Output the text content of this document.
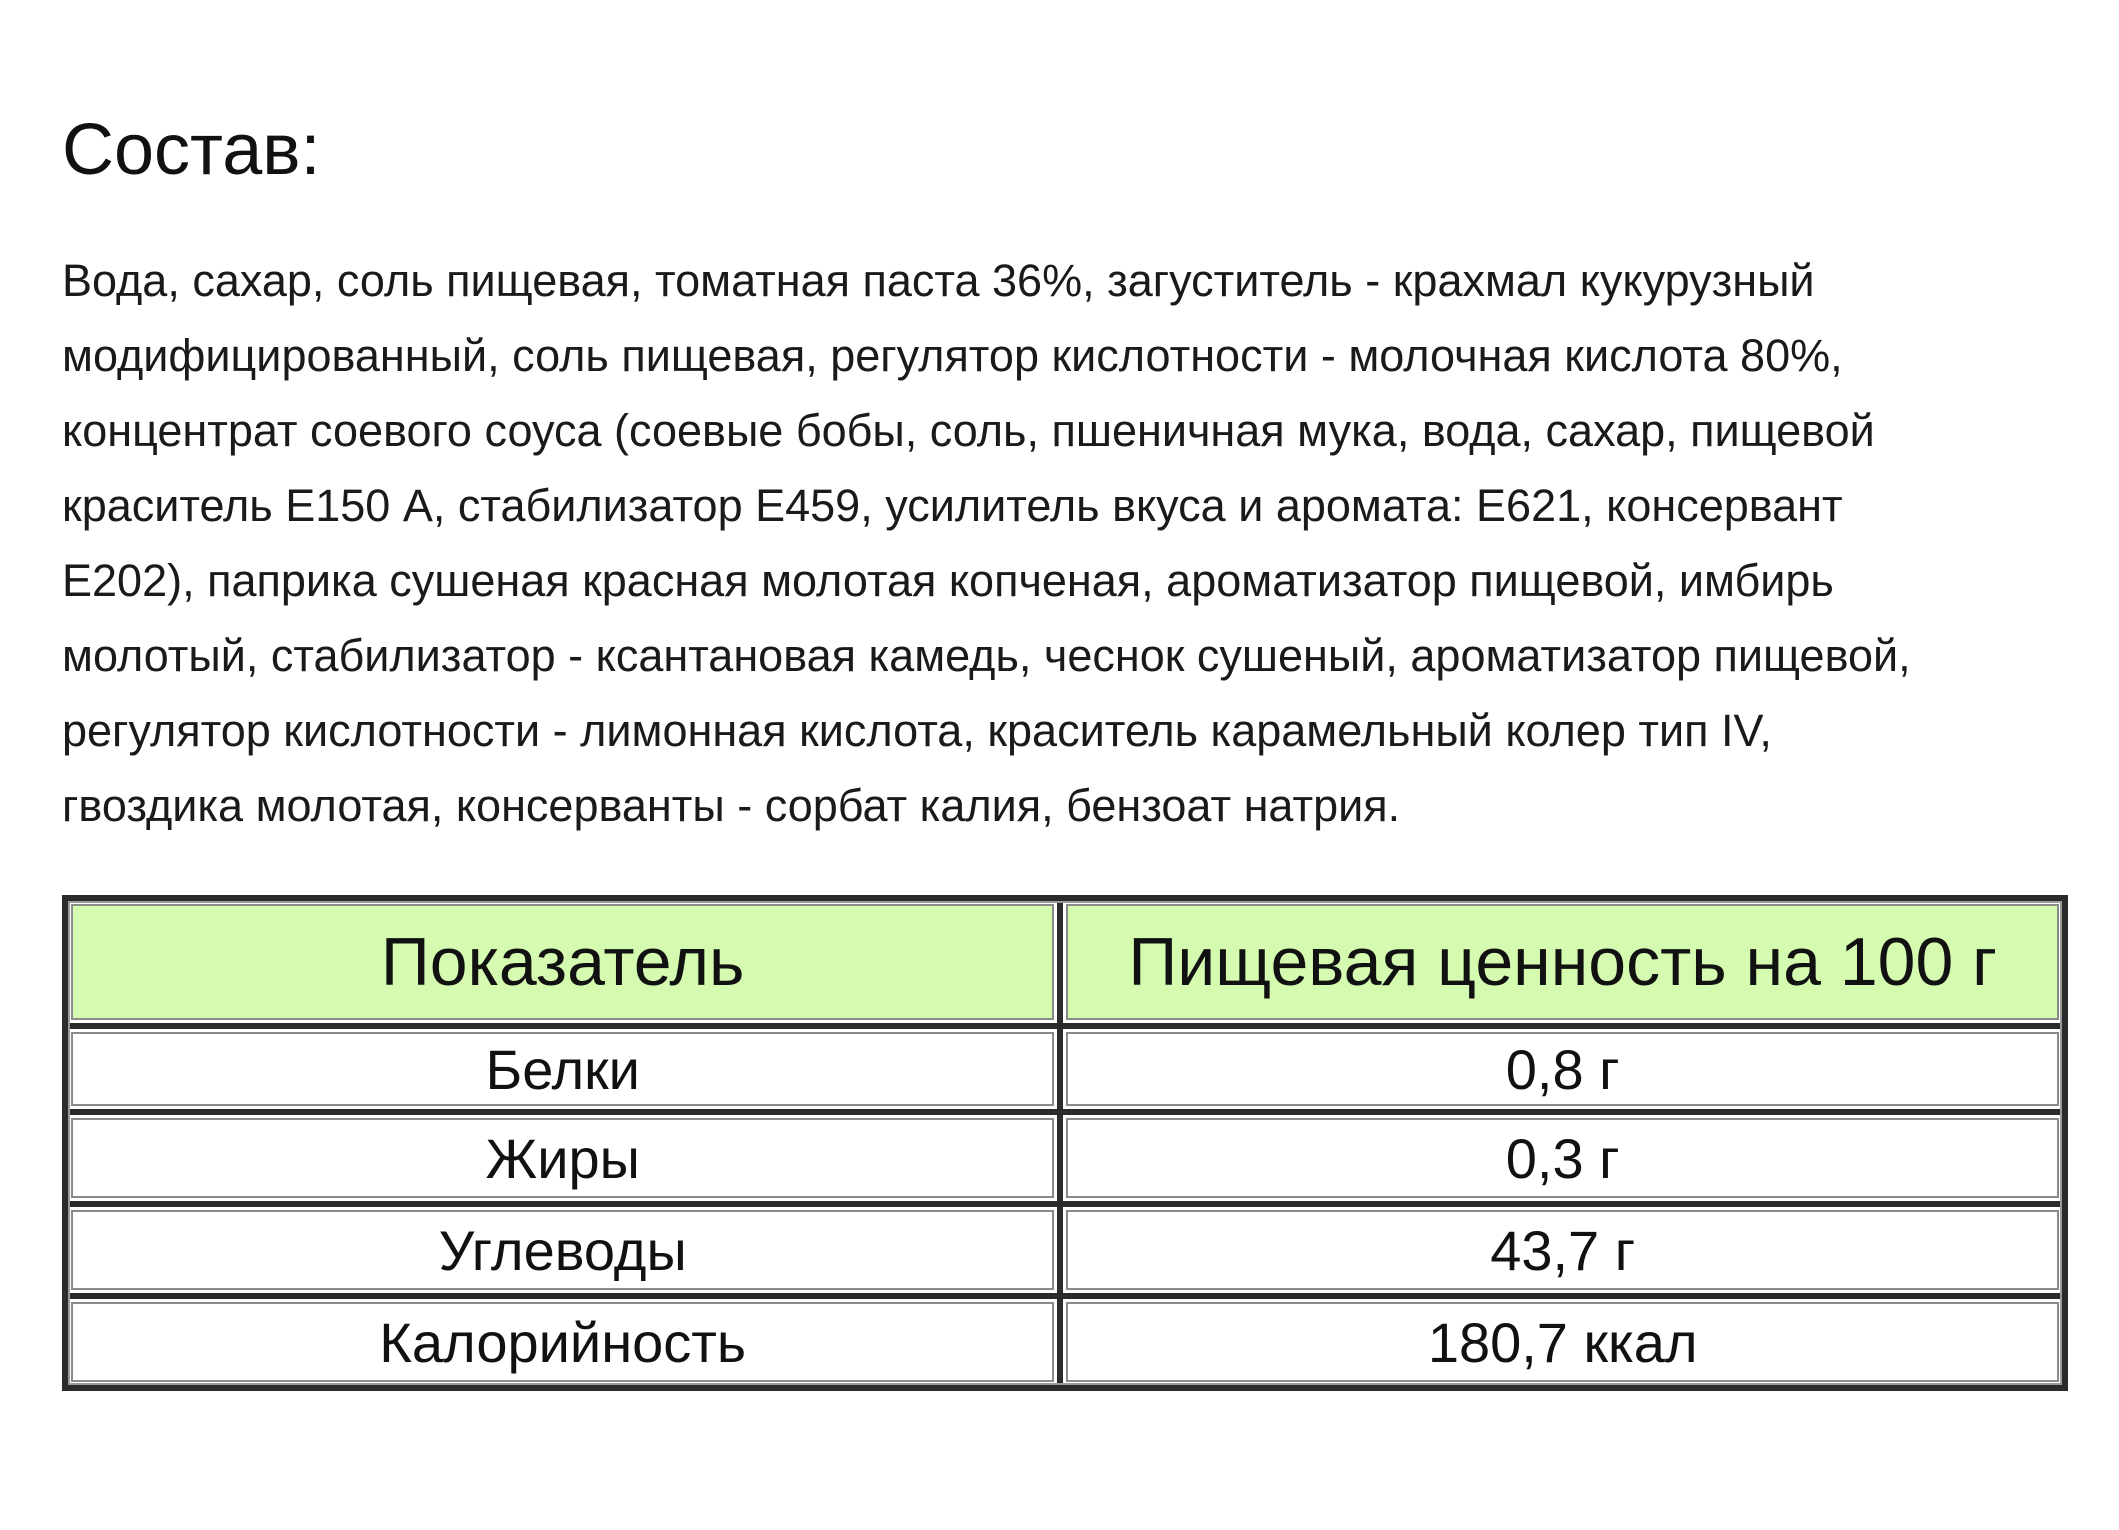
Состав:

Вода, сахар, соль пищевая, томатная паста 36%, загуститель - крахмал кукурузный
модифицированный, соль пищевая, регулятор кислотности - молочная кислота 80%,
концентрат соевого соуса (соевые бобы, соль, пшеничная мука, вода, сахар, пищевой
краситель Е150 А, стабилизатор Е459, усилитель вкуса и аромата: Е621, консервант
Е202), паприка сушеная красная молотая копченая, ароматизатор пищевой, имбирь
молотый, стабилизатор - ксантановая камедь, чеснок сушеный, ароматизатор пищевой,
регулятор кислотности - лимонная кислота, краситель карамельный колер тип IV,
гвоздика молотая, консерванты - сорбат калия, бензоат натрия.

Показатель	Пищевая ценность на 100 г
Белки	0,8 г
Жиры	0,3 г
Углеводы	43,7 г
Калорийность	180,7 ккал
